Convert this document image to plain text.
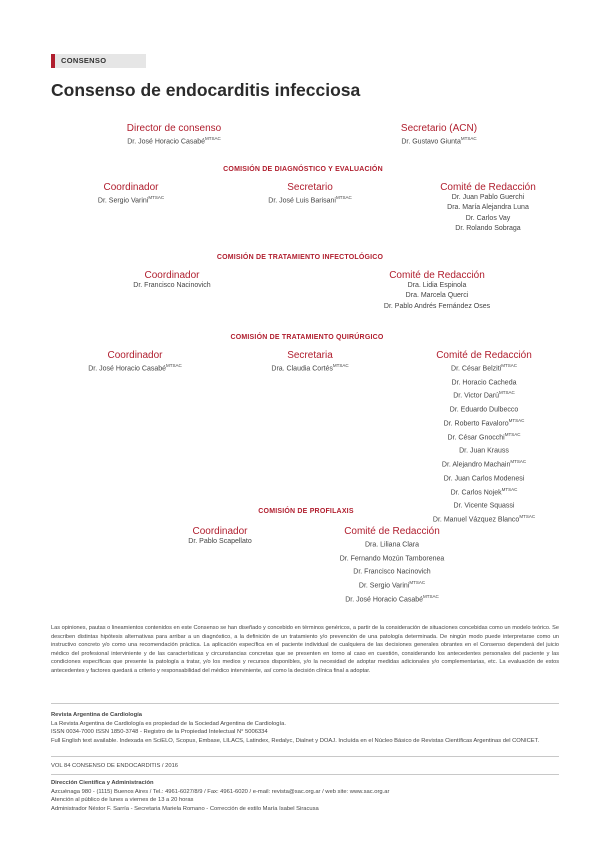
CONSENSO
Consenso de endocarditis infecciosa
Director de consenso
Dr. José Horacio Casabé$^{MTSAC}$
Secretario (ACN)
Dr. Gustavo Giunta$^{MTSAC}$
COMISIÓN DE DIAGNÓSTICO Y EVALUACIÓN
Coordinador
Dr. Sergio Varini$^{MTSAC}$
Secretario
Dr. José Luis Barisani$^{MTSAC}$
Comité de Redacción
Dr. Juan Pablo Guerchi
Dra. María Alejandra Luna
Dr. Carlos Vay
Dr. Rolando Sobraga
COMISIÓN DE TRATAMIENTO INFECTOLÓGICO
Coordinador
Dr. Francisco Nacinovich
Comité de Redacción
Dra. Lidia Espinola
Dra. Marcela Querci
Dr. Pablo Andrés Fernández Oses
COMISIÓN DE TRATAMIENTO QUIRÚRGICO
Coordinador
Dr. José Horacio Casabé$^{MTSAC}$
Secretaria
Dra. Claudia Cortés$^{MTSAC}$
Comité de Redacción
Dr. César Belziti$^{MTSAC}$
Dr. Horacio Cacheda
Dr. Victor Darú$^{MTSAC}$
Dr. Eduardo Dulbecco
Dr. Roberto Favaloro$^{MTSAC}$
Dr. César Gnocchi$^{MTSAC}$
Dr. Juan Krauss
Dr. Alejandro Machain$^{MTSAC}$
Dr. Juan Carlos Modenesi
Dr. Carlos Nojek$^{MTSAC}$
Dr. Vicente Squassi
Dr. Manuel Vázquez Blanco$^{MTSAC}$
COMISIÓN DE PROFILAXIS
Coordinador
Dr. Pablo Scapellato
Comité de Redacción
Dra. Liliana Clara
Dr. Fernando Mozún Tamborenea
Dr. Francisco Nacinovich
Dr. Sergio Varini$^{MTSAC}$
Dr. José Horacio Casabé$^{MTSAC}$
Las opiniones, pautas o lineamientos contenidos en este Consenso se han diseñado y concebido en términos genéricos, a partir de la consideración de situaciones concebidas como un modelo teórico. Se describen distintas hipótesis alternativas para arribar a un diagnóstico, a la definición de un tratamiento y/o prevención de una patología determinada. De ningún modo puede interpretarse como un instructivo concreto y/o como una recomendación práctica. La aplicación específica en el paciente individual de cualquiera de las decisiones generales obrantes en el Consenso dependerá del juicio médico del profesional interviniente y de las características y circunstancias concretas que se presenten en torno al caso en cuestión, considerando los antecedentes personales del paciente y las condiciones específicas que presente la patología a tratar, y/o los medios y recursos disponibles, y/o la necesidad de adoptar medidas adicionales y/o complementarias, etc. La evaluación de estos antecedentes y factores quedará a criterio y responsabilidad del médico interviniente, así como la decisión clínica final a adoptar.
Revista Argentina de Cardiología
La Revista Argentina de Cardiología es propiedad de la Sociedad Argentina de Cardiología.
ISSN 0034-7000 ISSN 1850-3748 - Registro de la Propiedad Intelectual N° 5006334
Full English text available. Indexada en SciELO, Scopus, Embase, LILACS, Latindex, Redalyc, Dialnet y DOAJ. Incluída en el Núcleo Básico de Revistas Científicas Argentinas del CONICET.
VOL 84 CONSENSO DE ENDOCARDITIS / 2016
Dirección Científica y Administración
Azcuénaga 980 - (1115) Buenos Aires / Tel.: 4961-6027/8/9 / Fax: 4961-6020 / e-mail: revista@sac.org.ar / web site: www.sac.org.ar
Atención al público de lunes a viernes de 13 a 20 horas
Administrador Néstor F. Sarría - Secretaria Mariela Romano - Corrección de estilo María Isabel Siracusa
